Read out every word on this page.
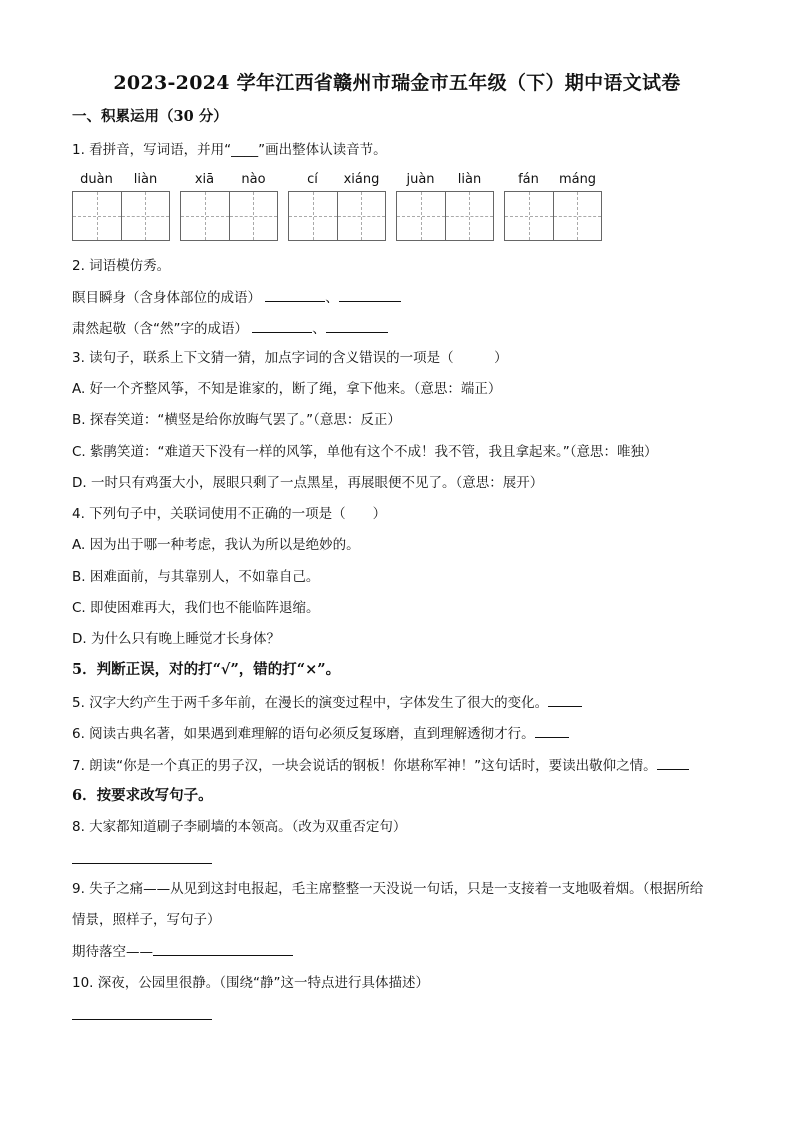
2023-2024 学年江西省赣州市瑞金市五年级（下）期中语文试卷
一、积累运用（30 分）
1. 看拼音，写词语，并用“____”画出整体认读音节。
duàn	liàn	xiā	nào	cí	xiáng	juàn	liàn	fán	máng
2. 词语模仿秀。
瞑目瞬身（含身体部位的成语）	、
肃然起敬（含“然”字的成语）	、
3. 读句子，联系上下文猜一猜，加点字词的含义错误的一项是（　　　）
A. 好一个齐整风筝，不知是谁家的，断了绳，拿下他来。（意思：端正）
B. 探春笑道：“横竖是给你放晦气罢了。”（意思：反正）
C. 紫鹃笑道：“难道天下没有一样的风筝，单他有这个不成！我不管，我且拿起来。”（意思：唯独）
D. 一时只有鸡蛋大小，展眼只剩了一点黑星，再展眼便不见了。（意思：展开）
4. 下列句子中，关联词使用不正确的一项是（　　）
A. 因为出于哪一种考虑，我认为所以是绝妙的。
B. 困难面前，与其靠别人，不如靠自己。
C. 即使困难再大，我们也不能临阵退缩。
D. 为什么只有晚上睡觉才长身体？
5．判断正误，对的打“√”，错的打“×”。
5. 汉字大约产生于两千多年前，在漫长的演变过程中，字体发生了很大的变化。
6. 阅读古典名著，如果遇到难理解的语句必须反复琢磨，直到理解透彻才行。
7. 朗读“你是一个真正的男子汉，一块会说话的钢板！你堪称军神！”这句话时，要读出敬仰之情。
6．按要求改写句子。
8. 大家都知道刷子李刷墙的本领高。（改为双重否定句）
9. 失子之痛——从见到这封电报起，毛主席整整一天没说一句话，只是一支接着一支地吸着烟。（根据所给
情景，照样子，写句子）
期待落空——
10. 深夜，公园里很静。（围绕“静”这一特点进行具体描述）
